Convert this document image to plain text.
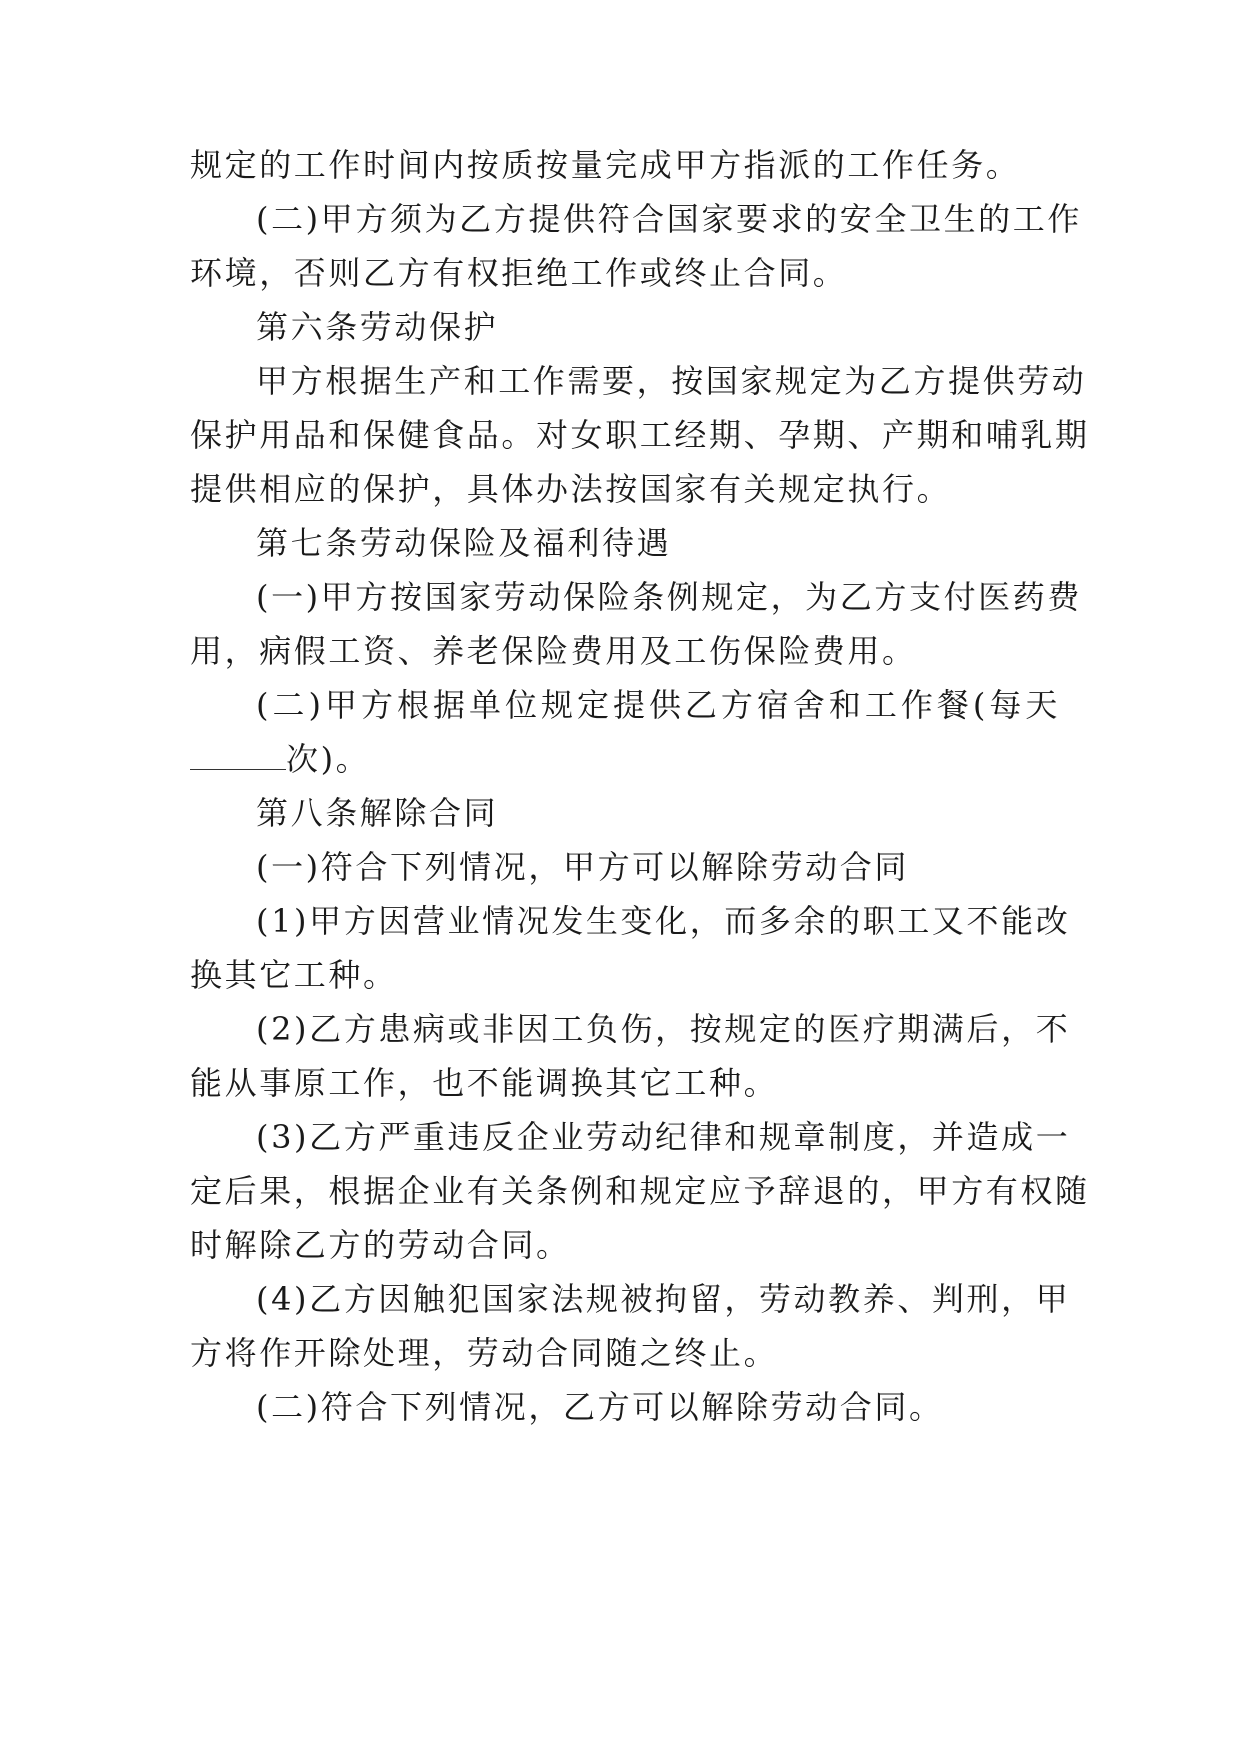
规定的工作时间内按质按量完成甲方指派的工作任务。
(二)甲方须为乙方提供符合国家要求的安全卫生的工作
环境，否则乙方有权拒绝工作或终止合同。
第六条劳动保护
甲方根据生产和工作需要，按国家规定为乙方提供劳动
保护用品和保健食品。对女职工经期、孕期、产期和哺乳期
提供相应的保护，具体办法按国家有关规定执行。
第七条劳动保险及福利待遇
(一)甲方按国家劳动保险条例规定，为乙方支付医药费
用，病假工资、养老保险费用及工伤保险费用。
(二)甲方根据单位规定提供乙方宿舍和工作餐(每天
次)。
第八条解除合同
(一)符合下列情况，甲方可以解除劳动合同
(1)甲方因营业情况发生变化，而多余的职工又不能改
换其它工种。
(2)乙方患病或非因工负伤，按规定的医疗期满后，不
能从事原工作，也不能调换其它工种。
(3)乙方严重违反企业劳动纪律和规章制度，并造成一
定后果，根据企业有关条例和规定应予辞退的，甲方有权随
时解除乙方的劳动合同。
(4)乙方因触犯国家法规被拘留，劳动教养、判刑，甲
方将作开除处理，劳动合同随之终止。
(二)符合下列情况，乙方可以解除劳动合同。
